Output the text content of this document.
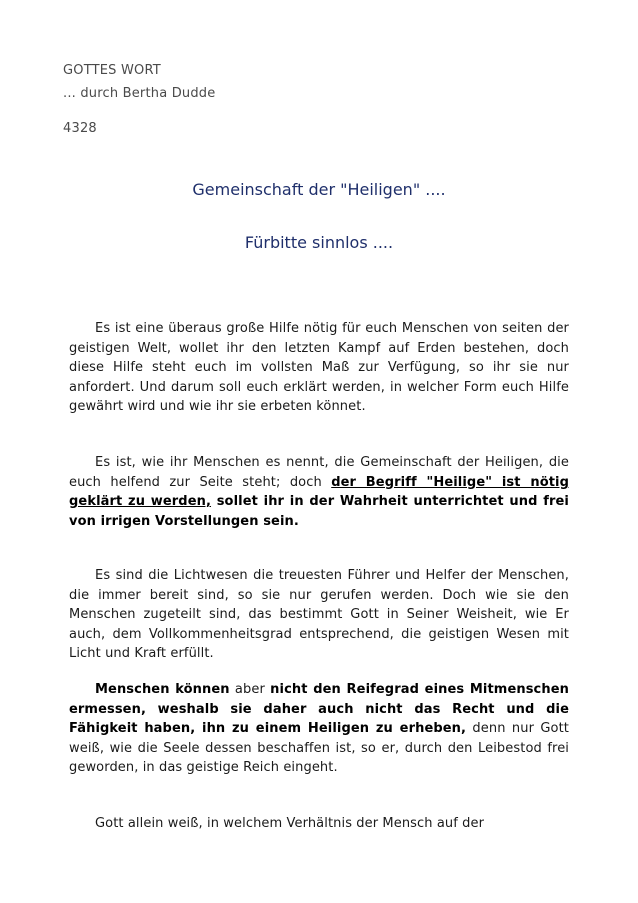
GOTTES WORT
... durch Bertha Dudde
4328
Gemeinschaft der "Heiligen" ....
Fürbitte sinnlos ....
Es ist eine überaus große Hilfe nötig für euch Menschen von seiten der geistigen Welt, wollet ihr den letzten Kampf auf Erden bestehen, doch diese Hilfe steht euch im vollsten Maß zur Verfügung, so ihr sie nur anfordert. Und darum soll euch erklärt werden, in welcher Form euch Hilfe gewährt wird und wie ihr sie erbeten könnet.
Es ist, wie ihr Menschen es nennt, die Gemeinschaft der Heiligen, die euch helfend zur Seite steht; doch der Begriff "Heilige" ist nötig geklärt zu werden, sollet ihr in der Wahrheit unterrichtet und frei von irrigen Vorstellungen sein.
Es sind die Lichtwesen die treuesten Führer und Helfer der Menschen, die immer bereit sind, so sie nur gerufen werden. Doch wie sie den Menschen zugeteilt sind, das bestimmt Gott in Seiner Weisheit, wie Er auch, dem Vollkommenheitsgrad entsprechend, die geistigen Wesen mit Licht und Kraft erfüllt.
Menschen können aber nicht den Reifegrad eines Mitmenschen ermessen, weshalb sie daher auch nicht das Recht und die Fähigkeit haben, ihn zu einem Heiligen zu erheben, denn nur Gott weiß, wie die Seele dessen beschaffen ist, so er, durch den Leibestod frei geworden, in das geistige Reich eingeht.
Gott allein weiß, in welchem Verhältnis der Mensch auf der
